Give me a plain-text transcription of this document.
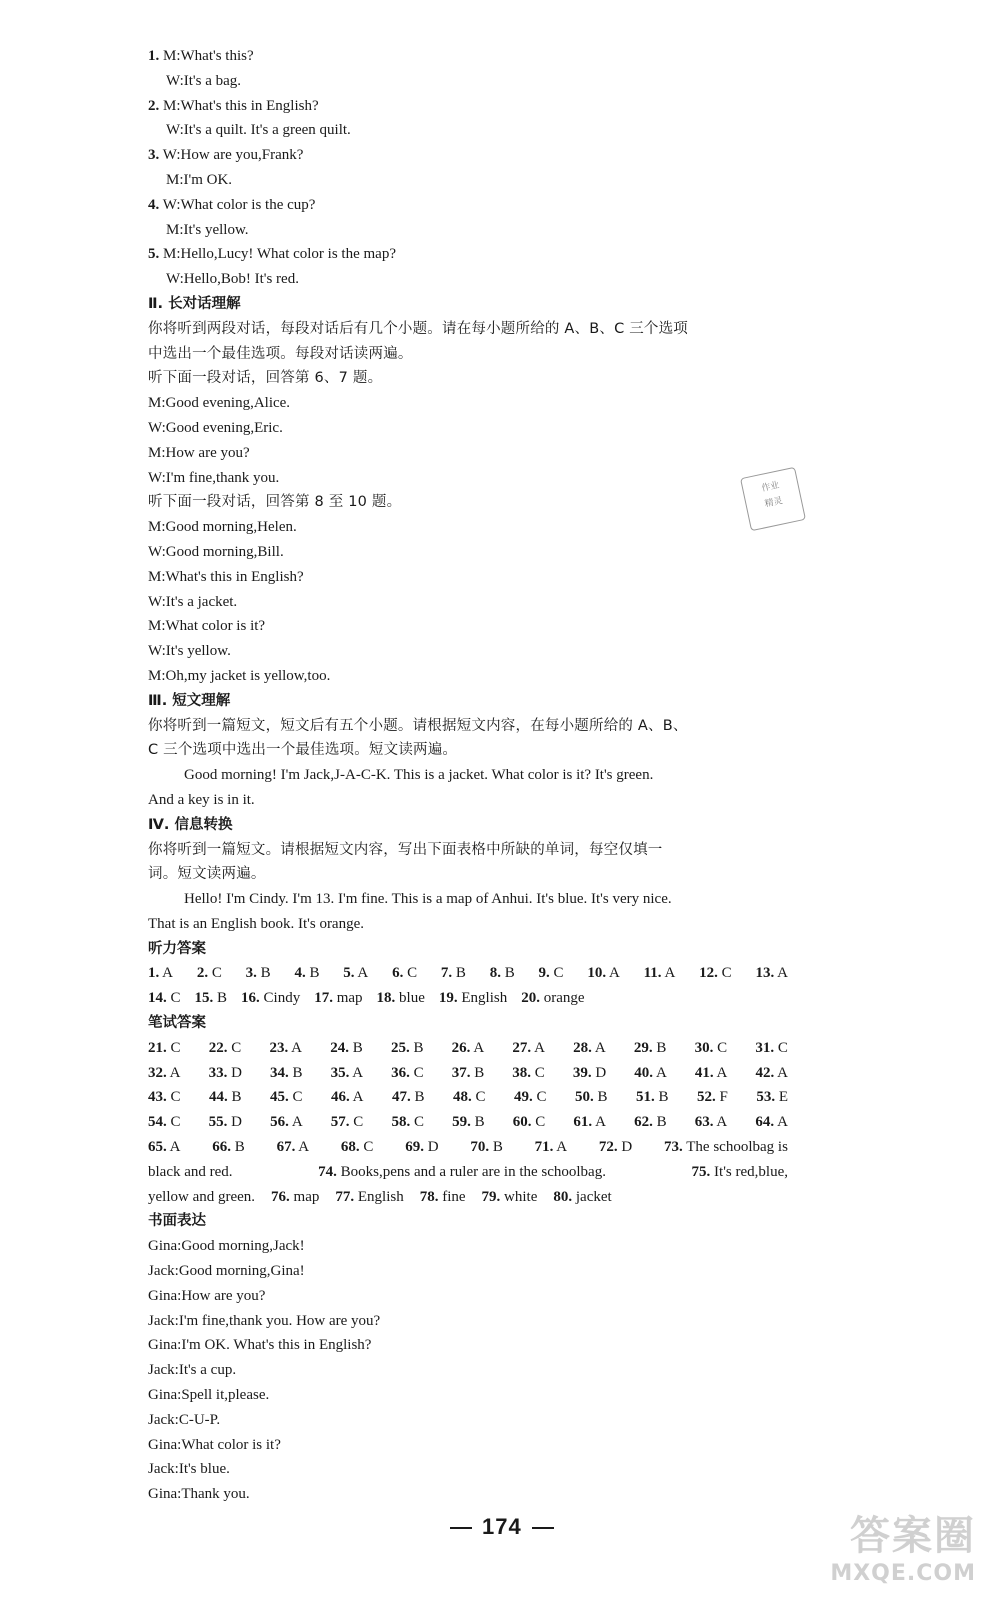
1. M:What's this?
W:It's a bag.
2. M:What's this in English?
W:It's a quilt. It's a green quilt.
3. W:How are you,Frank?
M:I'm OK.
4. W:What color is the cup?
M:It's yellow.
5. M:Hello,Lucy! What color is the map?
W:Hello,Bob! It's red.
Ⅱ. 长对话理解
你将听到两段对话，每段对话后有几个小题。请在每小题所给的 A、B、C 三个选项
中选出一个最佳选项。每段对话读两遍。
听下面一段对话，回答第 6、7 题。
M:Good evening,Alice.
W:Good evening,Eric.
M:How are you?
W:I'm fine,thank you.
听下面一段对话，回答第 8 至 10 题。
M:Good morning,Helen.
W:Good morning,Bill.
M:What's this in English?
W:It's a jacket.
M:What color is it?
W:It's yellow.
M:Oh,my jacket is yellow,too.
Ⅲ. 短文理解
你将听到一篇短文，短文后有五个小题。请根据短文内容，在每小题所给的 A、B、
C 三个选项中选出一个最佳选项。短文读两遍。
Good morning! I'm Jack,J-A-C-K. This is a jacket. What color is it? It's green.
And a key is in it.
Ⅳ. 信息转换
你将听到一篇短文。请根据短文内容，写出下面表格中所缺的单词，每空仅填一
词。短文读两遍。
Hello! I'm Cindy. I'm 13. I'm fine. This is a map of Anhui. It's blue. It's very nice.
That is an English book. It's orange.
听力答案
1. A 2. C 3. B 4. B 5. A 6. C 7. B 8. B 9. C 10. A 11. A 12. C 13. A
14. C 15. B 16. Cindy 17. map 18. blue 19. English 20. orange
笔试答案
21. C 22. C 23. A 24. B 25. B 26. A 27. A 28. A 29. B 30. C 31. C
32. A 33. D 34. B 35. A 36. C 37. B 38. C 39. D 40. A 41. A 42. A
43. C 44. B 45. C 46. A 47. B 48. C 49. C 50. B 51. B 52. F 53. E
54. C 55. D 56. A 57. C 58. C 59. B 60. C 61. A 62. B 63. A 64. A
65. A 66. B 67. A 68. C 69. D 70. B 71. A 72. D 73. The schoolbag is
black and red.	74. Books,pens and a ruler are in the schoolbag.	75. It's red,blue,
yellow and green. 76. map 77. English 78. fine 79. white 80. jacket
书面表达
Gina:Good morning,Jack!
Jack:Good morning,Gina!
Gina:How are you?
Jack:I'm fine,thank you. How are you?
Gina:I'm OK. What's this in English?
Jack:It's a cup.
Gina:Spell it,please.
Jack:C-U-P.
Gina:What color is it?
Jack:It's blue.
Gina:Thank you.
作业
精灵
174	答案圈
MXQE.COM
